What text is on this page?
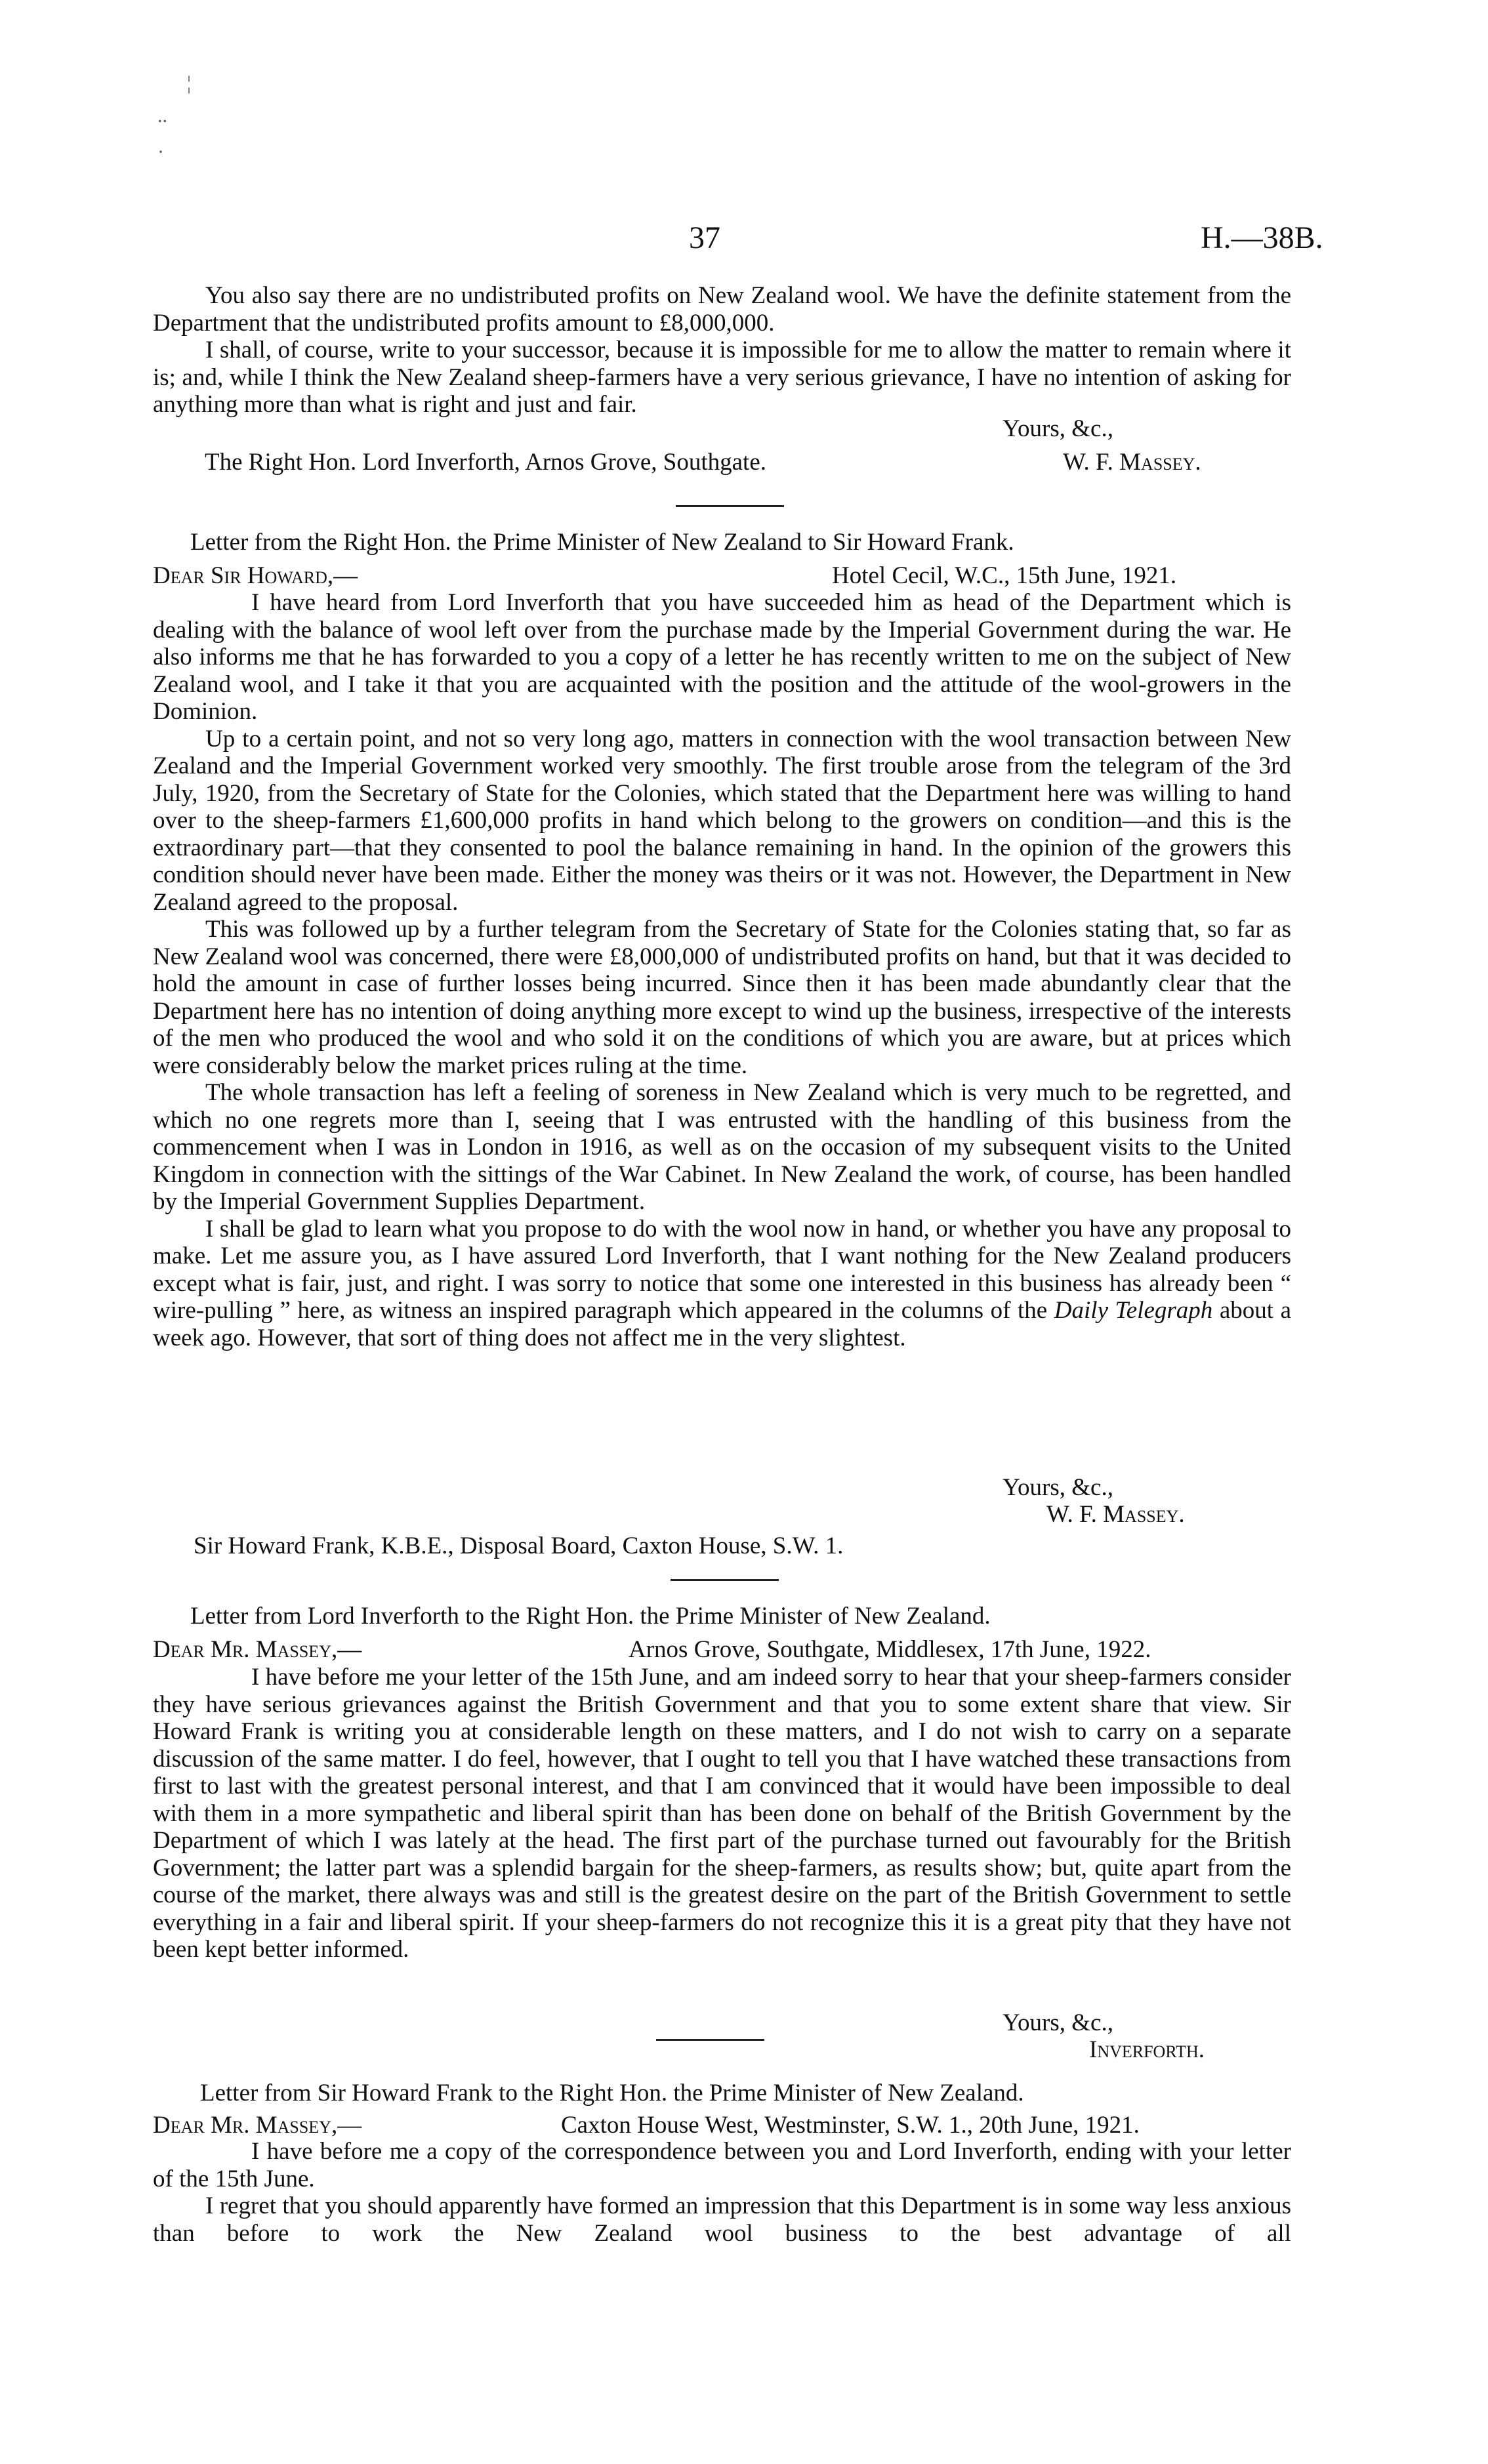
¦
..
·
37	H.—38B.

You also say there are no undistributed profits on New Zealand wool. We have the definite statement from the Department that the undistributed profits amount to £8,000,000.

I shall, of course, write to your successor, because it is impossible for me to allow the matter to remain where it is; and, while I think the New Zealand sheep-farmers have a very serious grievance, I have no intention of asking for anything more than what is right and just and fair.

Yours, &c.,
The Right Hon. Lord Inverforth, Arnos Grove, Southgate.	W. F. Massey.
Letter from the Right Hon. the Prime Minister of New Zealand to Sir Howard Frank.
Dear Sir Howard,—	Hotel Cecil, W.C., 15th June, 1921.

I have heard from Lord Inverforth that you have succeeded him as head of the Department which is dealing with the balance of wool left over from the purchase made by the Imperial Government during the war. He also informs me that he has forwarded to you a copy of a letter he has recently written to me on the subject of New Zealand wool, and I take it that you are acquainted with the position and the attitude of the wool-growers in the Dominion.

Up to a certain point, and not so very long ago, matters in connection with the wool transaction between New Zealand and the Imperial Government worked very smoothly. The first trouble arose from the telegram of the 3rd July, 1920, from the Secretary of State for the Colonies, which stated that the Department here was willing to hand over to the sheep-farmers £1,600,000 profits in hand which belong to the growers on condition—and this is the extraordinary part—that they consented to pool the balance remaining in hand. In the opinion of the growers this condition should never have been made. Either the money was theirs or it was not. However, the Department in New Zealand agreed to the proposal.

This was followed up by a further telegram from the Secretary of State for the Colonies stating that, so far as New Zealand wool was concerned, there were £8,000,000 of undistributed profits on hand, but that it was decided to hold the amount in case of further losses being incurred. Since then it has been made abundantly clear that the Department here has no intention of doing anything more except to wind up the business, irrespective of the interests of the men who produced the wool and who sold it on the conditions of which you are aware, but at prices which were considerably below the market prices ruling at the time.

The whole transaction has left a feeling of soreness in New Zealand which is very much to be regretted, and which no one regrets more than I, seeing that I was entrusted with the handling of this business from the commencement when I was in London in 1916, as well as on the occasion of my subsequent visits to the United Kingdom in connection with the sittings of the War Cabinet. In New Zealand the work, of course, has been handled by the Imperial Government Supplies Department.

I shall be glad to learn what you propose to do with the wool now in hand, or whether you have any proposal to make. Let me assure you, as I have assured Lord Inverforth, that I want nothing for the New Zealand producers except what is fair, just, and right. I was sorry to notice that some one interested in this business has already been “ wire-pulling ” here, as witness an inspired paragraph which appeared in the columns of the Daily Telegraph about a week ago. However, that sort of thing does not affect me in the very slightest.

Yours, &c.,
W. F. Massey.
Sir Howard Frank, K.B.E., Disposal Board, Caxton House, S.W. 1.
Letter from Lord Inverforth to the Right Hon. the Prime Minister of New Zealand.
Dear Mr. Massey,—	Arnos Grove, Southgate, Middlesex, 17th June, 1922.

I have before me your letter of the 15th June, and am indeed sorry to hear that your sheep-farmers consider they have serious grievances against the British Government and that you to some extent share that view. Sir Howard Frank is writing you at considerable length on these matters, and I do not wish to carry on a separate discussion of the same matter. I do feel, however, that I ought to tell you that I have watched these transactions from first to last with the greatest personal interest, and that I am convinced that it would have been impossible to deal with them in a more sympathetic and liberal spirit than has been done on behalf of the British Government by the Department of which I was lately at the head. The first part of the purchase turned out favourably for the British Government; the latter part was a splendid bargain for the sheep-farmers, as results show; but, quite apart from the course of the market, there always was and still is the greatest desire on the part of the British Government to settle everything in a fair and liberal spirit. If your sheep-farmers do not recognize this it is a great pity that they have not been kept better informed.

Yours, &c.,
Inverforth.
Letter from Sir Howard Frank to the Right Hon. the Prime Minister of New Zealand.
Dear Mr. Massey,—	Caxton House West, Westminster, S.W. 1., 20th June, 1921.

I have before me a copy of the correspondence between you and Lord Inverforth, ending with your letter of the 15th June.

I regret that you should apparently have formed an impression that this Department is in some way less anxious than before to work the New Zealand wool business to the best advantage of all
